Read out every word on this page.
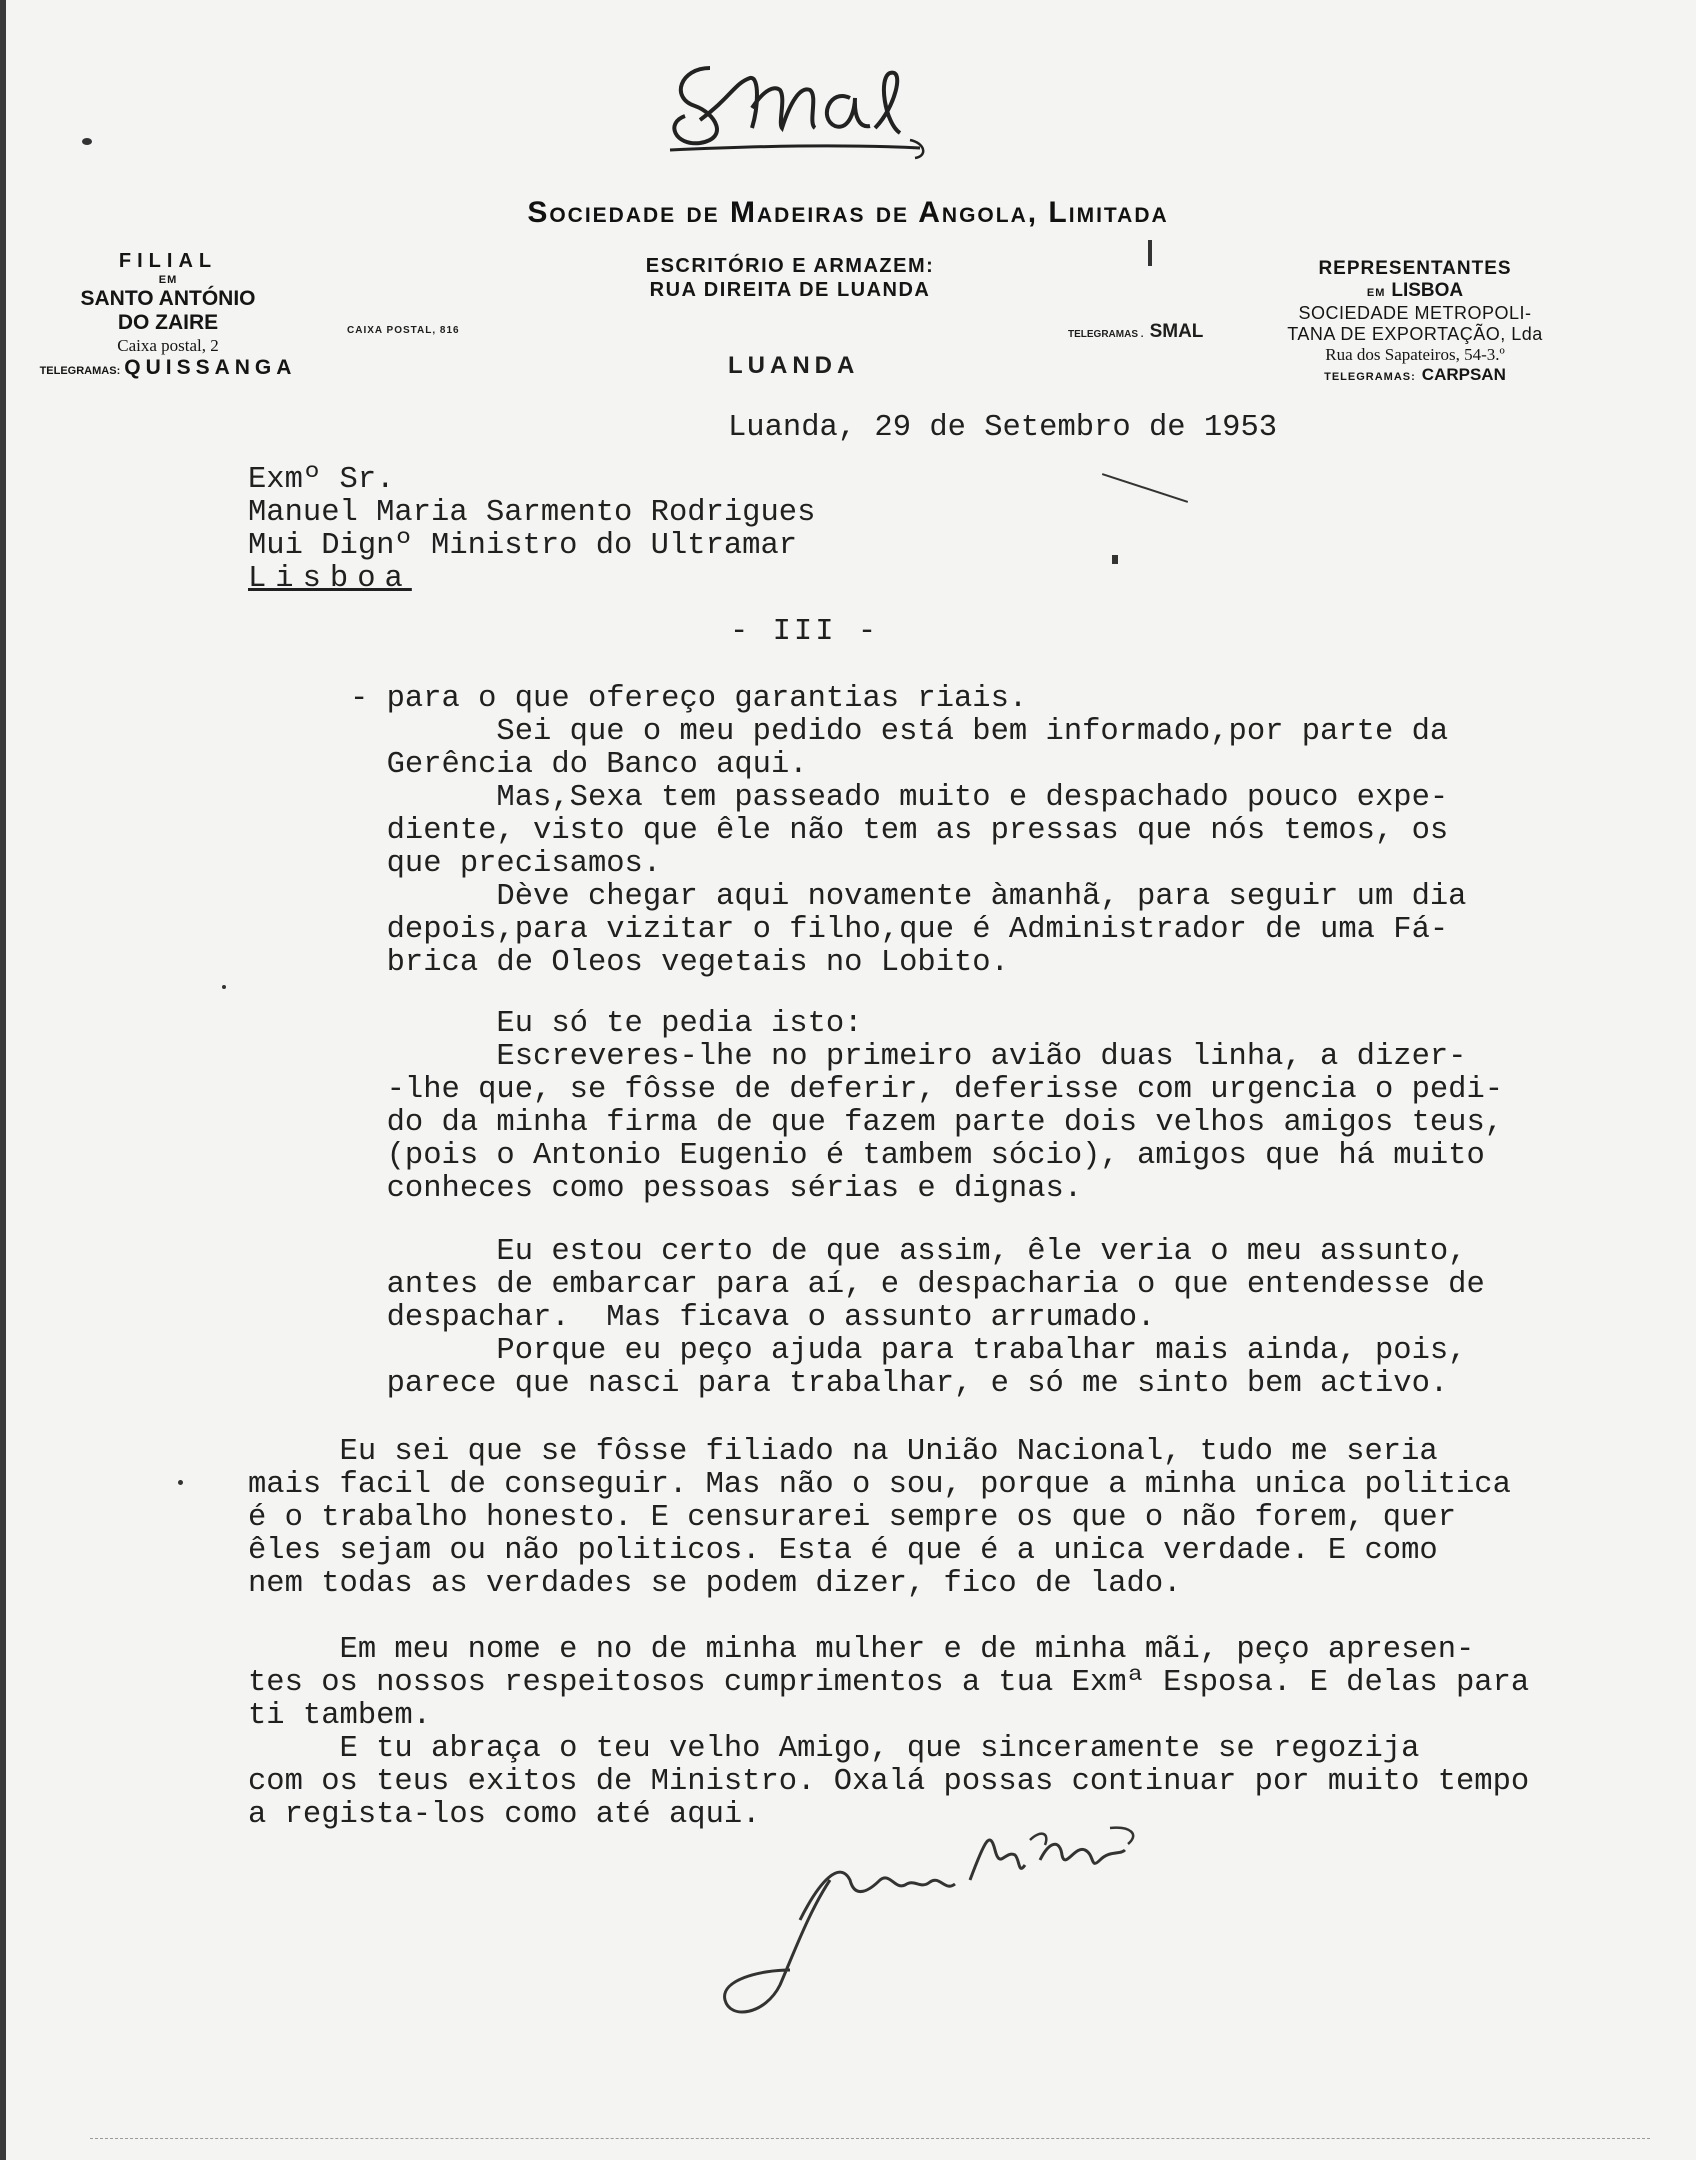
Sociedade de Madeiras de Angola, Limitada
FILIAL
EM
SANTO ANTÓNIO
DO ZAIRE
Caixa postal, 2
TELEGRAMAS: QUISSANGA
CAIXA POSTAL, 816
ESCRITÓRIO E ARMAZEM:
RUA DIREITA DE LUANDA
TELEGRAMAS . SMAL
LUANDA
REPRESENTANTES
EM LISBOA
SOCIEDADE METROPOLI-
TANA DE EXPORTAÇÃO, Lda
Rua dos Sapateiros, 54-3.º
TELEGRAMAS: CARPSAN
Luanda, 29 de Setembro de 1953
Exmº Sr.
Manuel Maria Sarmento Rodrigues
Mui Dignº Ministro do Ultramar
Lisboa
- III -
- para o que ofereço garantias riais.
Sei que o meu pedido está bem informado,por parte da
Gerência do Banco aqui.
Mas,Sexa tem passeado muito e despachado pouco expe-
diente, visto que êle não tem as pressas que nós temos, os
que precisamos.
Dève chegar aqui novamente àmanhã, para seguir um dia
depois,para vizitar o filho,que é Administrador de uma Fá-
brica de Oleos vegetais no Lobito.
Eu só te pedia isto:
Escreveres-lhe no primeiro avião duas linha, a dizer-
-lhe que, se fôsse de deferir, deferisse com urgencia o pedi-
do da minha firma de que fazem parte dois velhos amigos teus,
(pois o Antonio Eugenio é tambem sócio), amigos que há muito
conheces como pessoas sérias e dignas.
Eu estou certo de que assim, êle veria o meu assunto,
antes de embarcar para aí, e despacharia o que entendesse de
despachar.  Mas ficava o assunto arrumado.
Porque eu peço ajuda para trabalhar mais ainda, pois,
parece que nasci para trabalhar, e só me sinto bem activo.
Eu sei que se fôsse filiado na União Nacional, tudo me seria
mais facil de conseguir. Mas não o sou, porque a minha unica politica
é o trabalho honesto. E censurarei sempre os que o não forem, quer
êles sejam ou não politicos. Esta é que é a unica verdade. E como
nem todas as verdades se podem dizer, fico de lado.
Em meu nome e no de minha mulher e de minha mãi, peço apresen-
tes os nossos respeitosos cumprimentos a tua Exmª Esposa. E delas para
ti tambem.
E tu abraça o teu velho Amigo, que sinceramente se regozija
com os teus exitos de Ministro. Oxalá possas continuar por muito tempo
a regista-los como até aqui.
